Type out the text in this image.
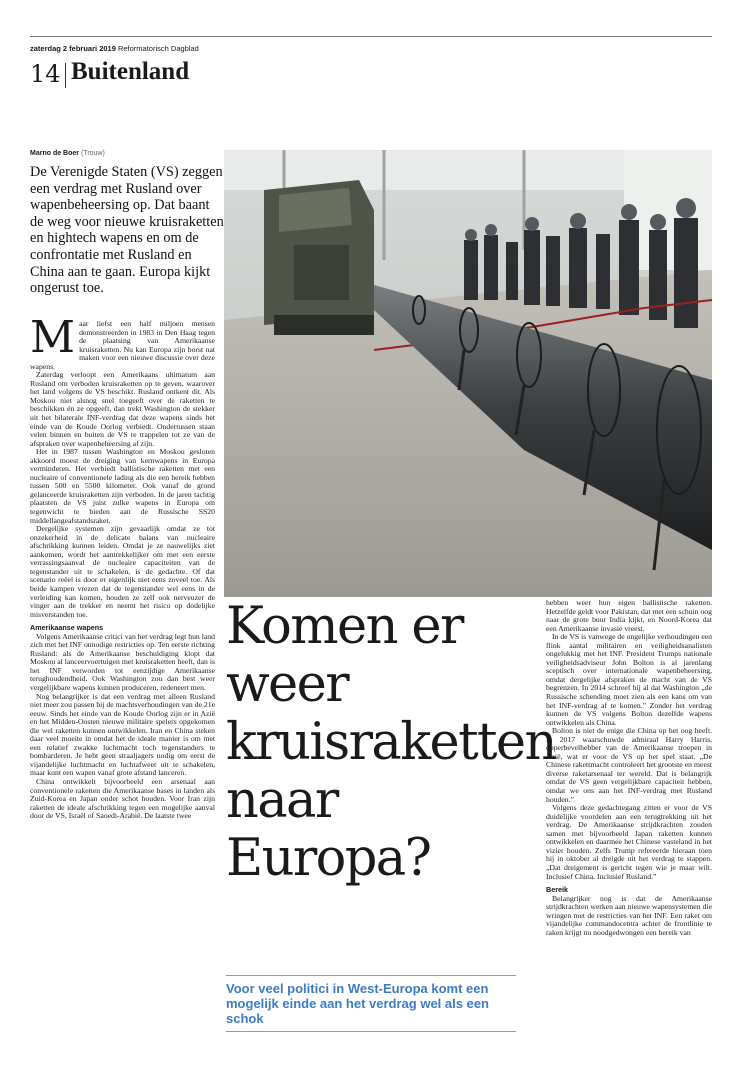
zaterdag 2 februari 2019 Reformatorisch Dagblad
14 Buitenland
Marno de Boer (Trouw)
De Verenigde Staten (VS) zeggen een verdrag met Rusland over wapenbeheersing op. Dat baant de weg voor nieuwe kruisraketten en hightech wapens en om de confrontatie met Rusland en China aan te gaan. Europa kijkt ongerust toe.

Maar liefst een half miljoen mensen demonstreerden in 1983 in Den Haag tegen de plaatsing van Amerikaanse kruisraketten. Nu kan Europa zijn borst nat maken voor een nieuwe discussie over deze wapens.

Zaterdag verloopt een Amerikaans ultimatum aan Rusland om verboden kruisraketten op te geven, waarover het land volgens de VS beschikt. Rusland ontkent dit. Als Moskou niet alsnog snel toegeeft over de raketten te beschikken én ze opgeeft, dan trekt Washington de stekker uit het bilaterale INF-verdrag dat deze wapens sinds het einde van de Koude Oorlog verbiedt. Ondertussen staan velen binnen en buiten de VS te trappelen tot ze van de afspraken over wapenbeheersing af zijn.

Het in 1987 tussen Washington en Moskou gesloten akkoord moest de dreiging van kernwapens in Europa verminderen. Het verbiedt ballistische raketten met een nucleaire of conventionele lading als die een bereik hebben tussen 500 en 5500 kilometer. Ook vanaf de grond gelanceerde kruisraketten zijn verboden. In de jaren tachtig plaatsten de VS juist zulke wapens in Europa om tegenwicht te bieden aan de Russische SS20 middellangeafstandsraket.

Dergelijke systemen zijn gevaarlijk omdat ze tot onzekerheid in de delicate balans van nucleaire afschrikking kunnen leiden. Omdat je ze nauwelijks ziet aankomen, wordt het aantrekkelijker om met een eerste verrassingsaanval de nucleaire capaciteiten van de tegenstander uit te schakelen, is de gedachte. Of dat scenario reëel is door er eigenlijk niet eens zoveel toe. Als beide kampen vrezen dat de tegenstander wel eens in de verleiding kan komen, houden ze zelf ook nerveuzer de vinger aan de trekker en neemt het risico op dodelijke misverstanden toe.

Amerikaanse wapens

Volgens Amerikaanse critici van het verdrag legt hun land zich met het INF onnodige restricties op. Ten eerste richting Rusland: als de Amerikaanse beschuldiging klopt dat Moskou al lanceervoertuigen met kruisraketten heeft, dan is het INF verworden tot eenzijdige Amerikaanse terughoudendheid. Ook Washington zou dan best weer vergelijkbare wapens kunnen produceren, redeneert men.

Nog belangrijker is dat een verdrag met alleen Rusland niet meer zou passen bij de machtsverhoudingen van de 21e eeuw. Sinds het einde van de Koude Oorlog zijn er in Azië en het Midden-Oosten nieuwe militaire spelers opgekomen die wel raketten kunnen ontwikkelen. Iran en China steken daar veel moeite in omdat het de ideale manier is om met een relatief zwakke luchtmacht toch tegenstanders te bombarderen. Je hebt geen straaljagers nodig om eerst de vijandelijke luchtmacht en luchtafweer uit te schakelen, maar kunt een wapen vanaf grote afstand lanceren.

China ontwikkelt bijvoorbeeld een arsenaal aan conventionele raketten die Amerikaanse bases in landen als Zuid-Korea en Japan onder schot houden. Voor Iran zijn raketten de ideale afschrikking tegen een mogelijke aanval door de VS, Israël of Saoedi-Arabië. De laatste twee

Komen er weer kruisraketten naar Europa?
Voor veel politici in West-Europa komt een mogelijk einde aan het verdrag wel als een schok

hebben weer hun eigen ballistische raketten. Hetzelfde geldt voor Pakistan, dat met een schuin oog naar de grote buur India kijkt, en Noord-Korea dat een Amerikaanse invasie vreest.

In de VS is vanwege de ongelijke verhoudingen een flink aantal militairen en veiligheidsanalisten ongelukkig met het INF. President Trumps nationale veiligheidsadviseur John Bolton is al jarenlang sceptisch over internationale wapenbeheersing, omdat dergelijke afspraken de macht van de VS begrenzen. In 2014 schreef hij al dat Washington „de Russische schending moet zien als een kans om van het INF-verdrag af te komen.” Zonder het verdrag kunnen de VS volgens Bolton dezelfde wapens ontwikkelen als China.

Bolton is niet de enige die China op het oog heeft. In 2017 waarschuwde admiraal Harry Harris, opperbevelhebber van de Amerikaanse troepen in Azië, wat er voor de VS op het spel staat. „De Chinese rakettmacht controleert het grootste en meest diverse raketarsenaal ter wereld. Dat is belangrijk omdat de VS geen vergelijkbare capaciteit hebben, omdat we ons aan het INF-verdrag met Rusland houden.”

Volgens deze gedachtegang zitten er voor de VS duidelijke voordelen aan een terugtrekking uit het verdrag. De Amerikaanse strijdkrachten zouden samen met bijvoorbeeld Japan raketten kunnen ontwikkelen en daarmee het Chinese vasteland in het vizier houden. Zelfs Trump refereerde hieraan toen hij in oktober al dreigde uit het verdrag te stappen. „Dat dreigement is gericht tegen wie je maar wilt. Inclusief China. Inclusief Rusland.”

Bereik

Belangrijker nog is dat de Amerikaanse strijdkrachten werken aan nieuwe wapensystemen die wringen met de restricties van het INF. Een raket om vijandelijke commandocentra achter de frontlinie te raken krijgt nu noodgedwongen een bereik van
